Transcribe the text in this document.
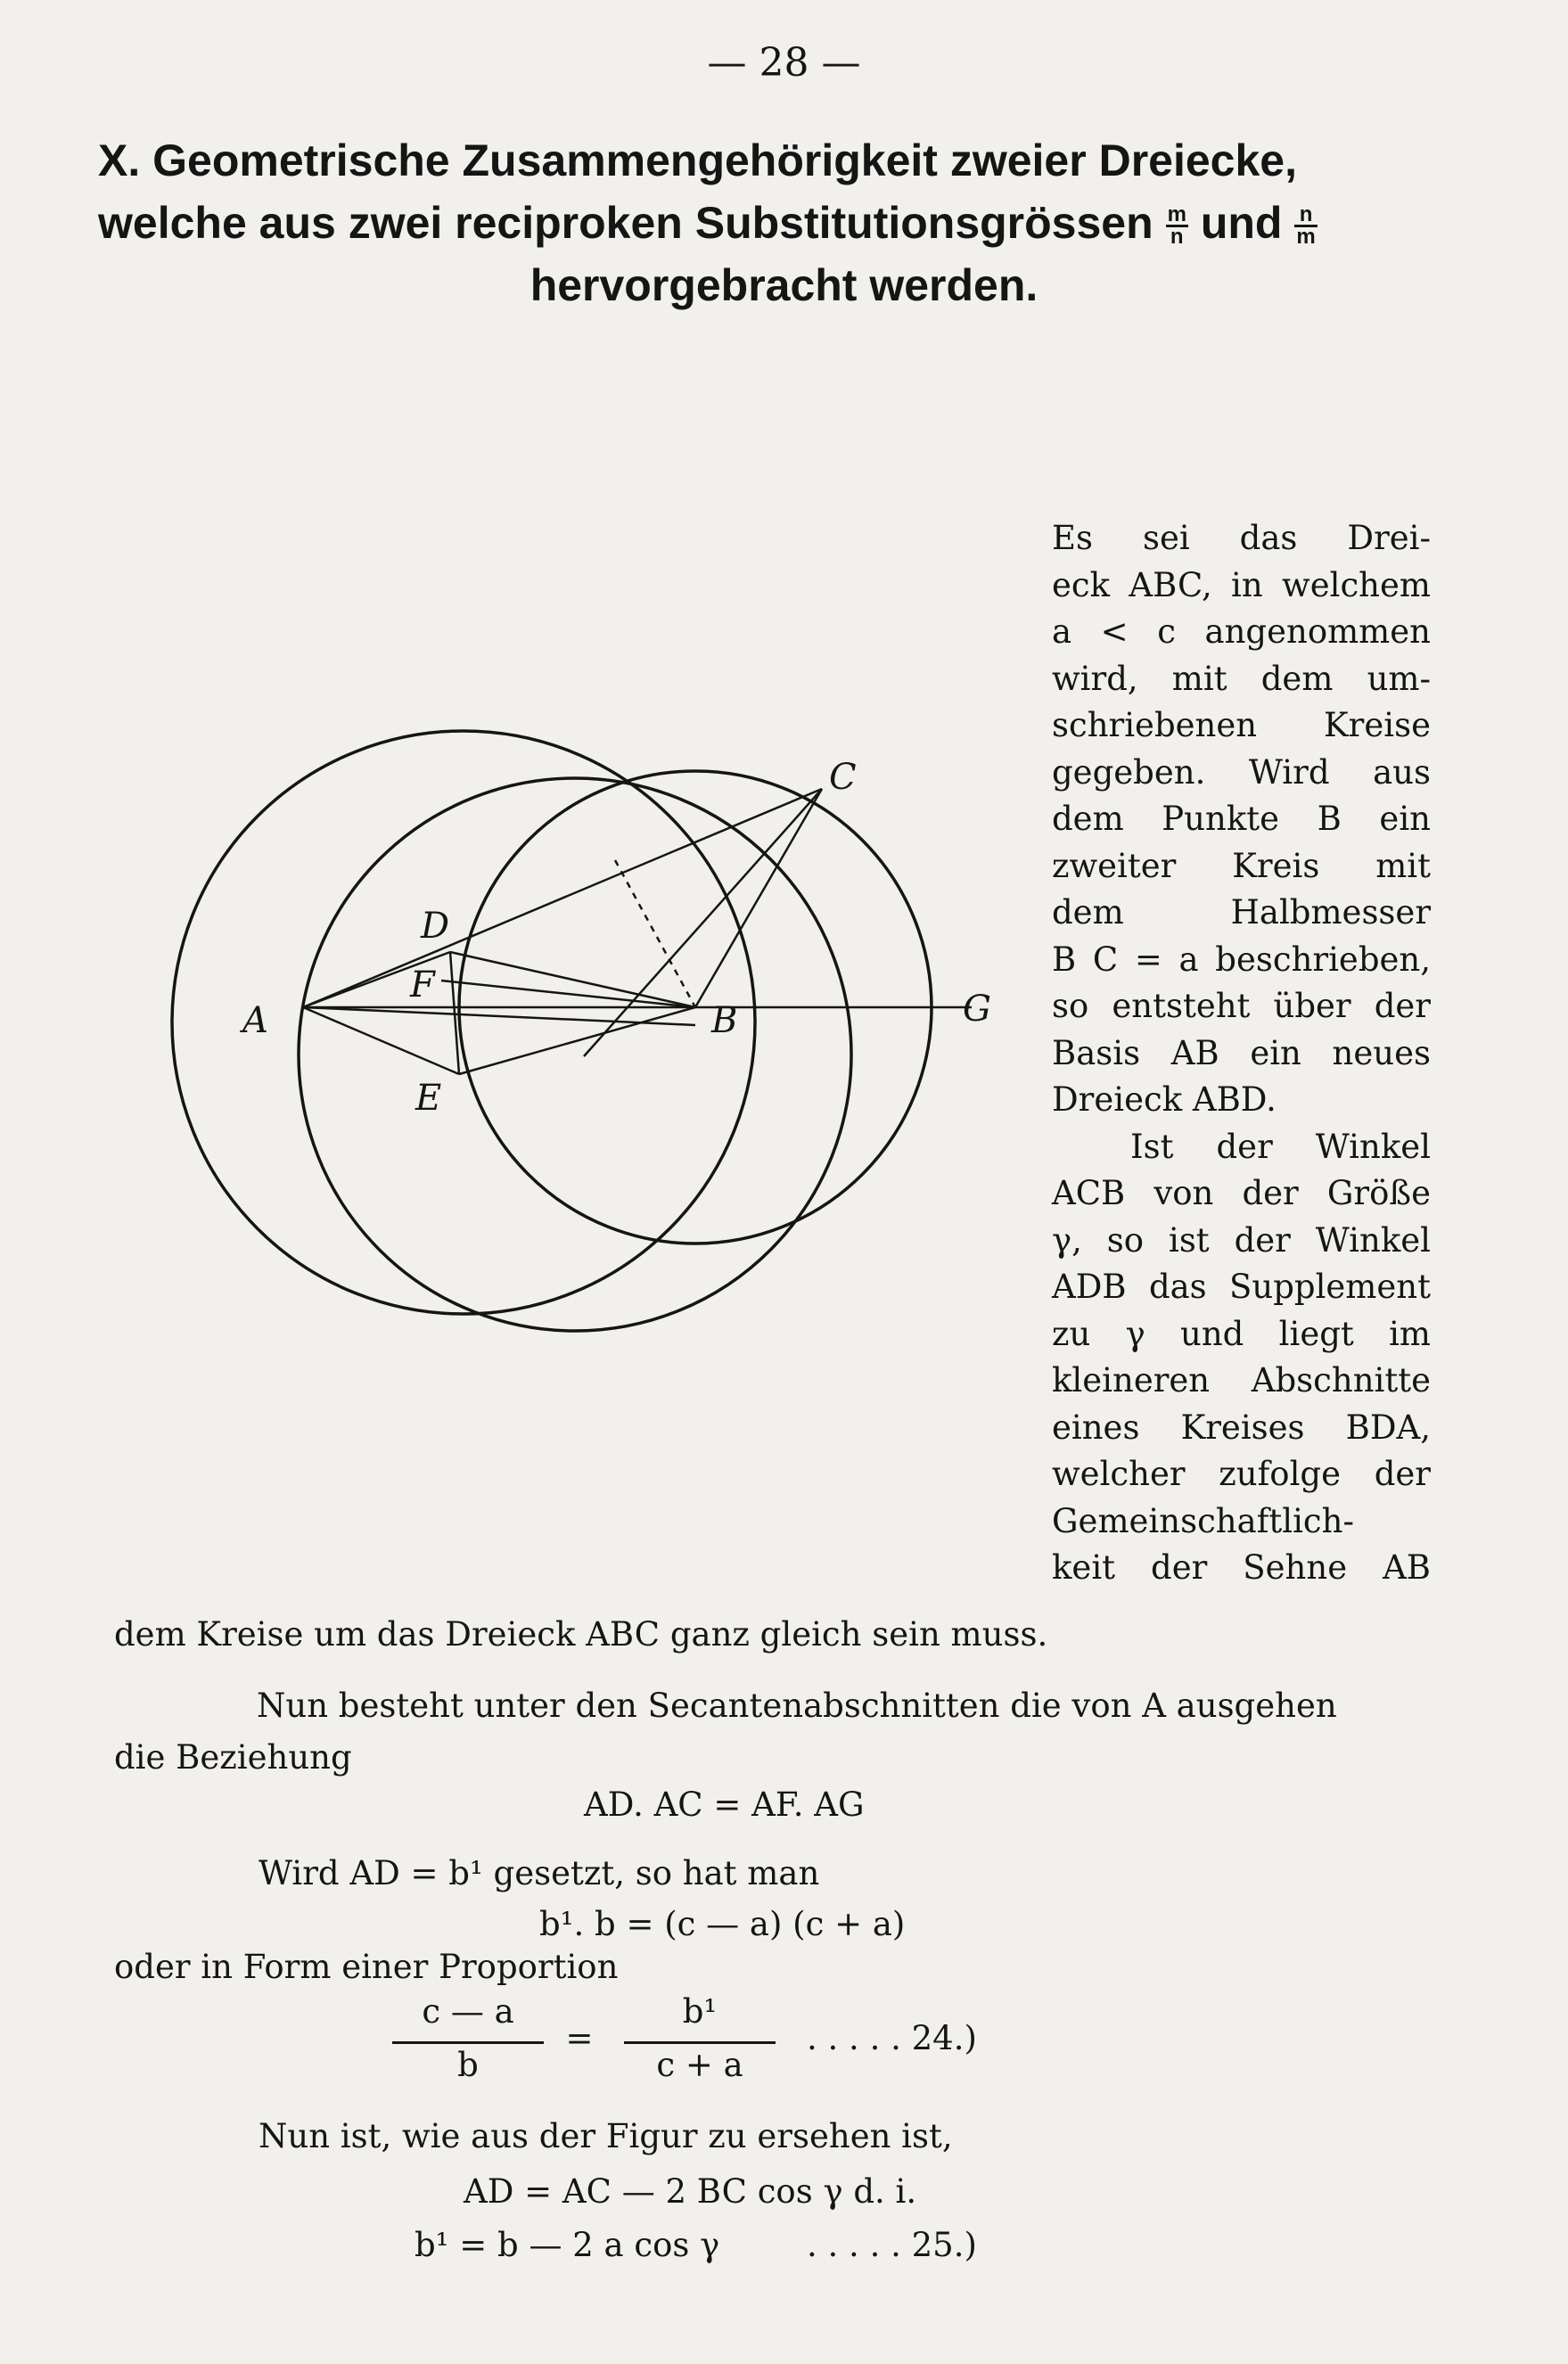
— 28 —
X. Geometrische Zusammengehörigkeit zweier Dreiecke,
welche aus zwei reciproken Substitutionsgrössen $\frac{m}{n}$ und $\frac{n}{m}$
hervorgebracht werden.
A	B
C
D
E
F
G

Es sei das Drei-

eck ABC, in welchem

a < c angenommen

wird, mit dem um-

schriebenen Kreise

gegeben. Wird aus

dem Punkte B ein

zweiter Kreis mit

dem Halbmesser

B C = a beschrieben,

so entsteht über der

Basis AB ein neues

Dreieck ABD.

Ist der Winkel

ACB von der Größe

γ, so ist der Winkel

ADB das Supplement

zu γ und liegt im

kleineren Abschnitte

eines Kreises BDA,

welcher zufolge der

Gemeinschaftlich-

keit der Sehne AB

dem Kreise um das Dreieck ABC ganz gleich sein muss.
Nun besteht unter den Secantenabschnitten die von A ausgehen
die Beziehung
AD. AC = AF. AG
Wird AD = b¹ gesetzt, so hat man
b¹. b = (c — a) (c + a)
oder in Form einer Proportion
c — a
b
=
b¹
c + a
. . . . . 24.)
Nun ist, wie aus der Figur zu ersehen ist,
AD = AC — 2 BC cos γ d. i.
b¹ = b — 2 a cos γ	. . . . . 25.)
